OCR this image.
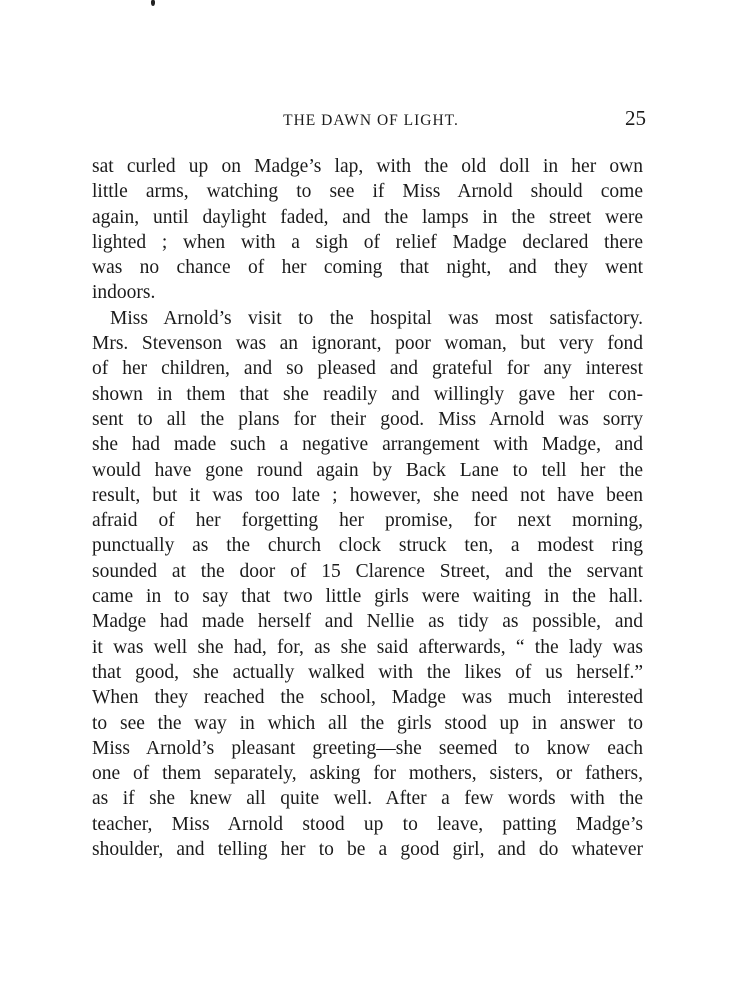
THE DAWN OF LIGHT.	25
sat curled up on Madge’s lap, with the old doll in her own
little arms, watching to see if Miss Arnold should come
again, until daylight faded, and the lamps in the street were
lighted ; when with a sigh of relief Madge declared there
was no chance of her coming that night, and they went
indoors.
Miss Arnold’s visit to the hospital was most satisfactory.
Mrs. Stevenson was an ignorant, poor woman, but very fond
of her children, and so pleased and grateful for any interest
shown in them that she readily and willingly gave her con-
sent to all the plans for their good. Miss Arnold was sorry
she had made such a negative arrangement with Madge, and
would have gone round again by Back Lane to tell her the
result, but it was too late ; however, she need not have been
afraid of her forgetting her promise, for next morning,
punctually as the church clock struck ten, a modest ring
sounded at the door of 15 Clarence Street, and the servant
came in to say that two little girls were waiting in the hall.
Madge had made herself and Nellie as tidy as possible, and
it was well she had, for, as she said afterwards, “ the lady was
that good, she actually walked with the likes of us herself.”
When they reached the school, Madge was much interested
to see the way in which all the girls stood up in answer to
Miss Arnold’s pleasant greeting—she seemed to know each
one of them separately, asking for mothers, sisters, or fathers,
as if she knew all quite well. After a few words with the
teacher, Miss Arnold stood up to leave, patting Madge’s
shoulder, and telling her to be a good girl, and do whatever
